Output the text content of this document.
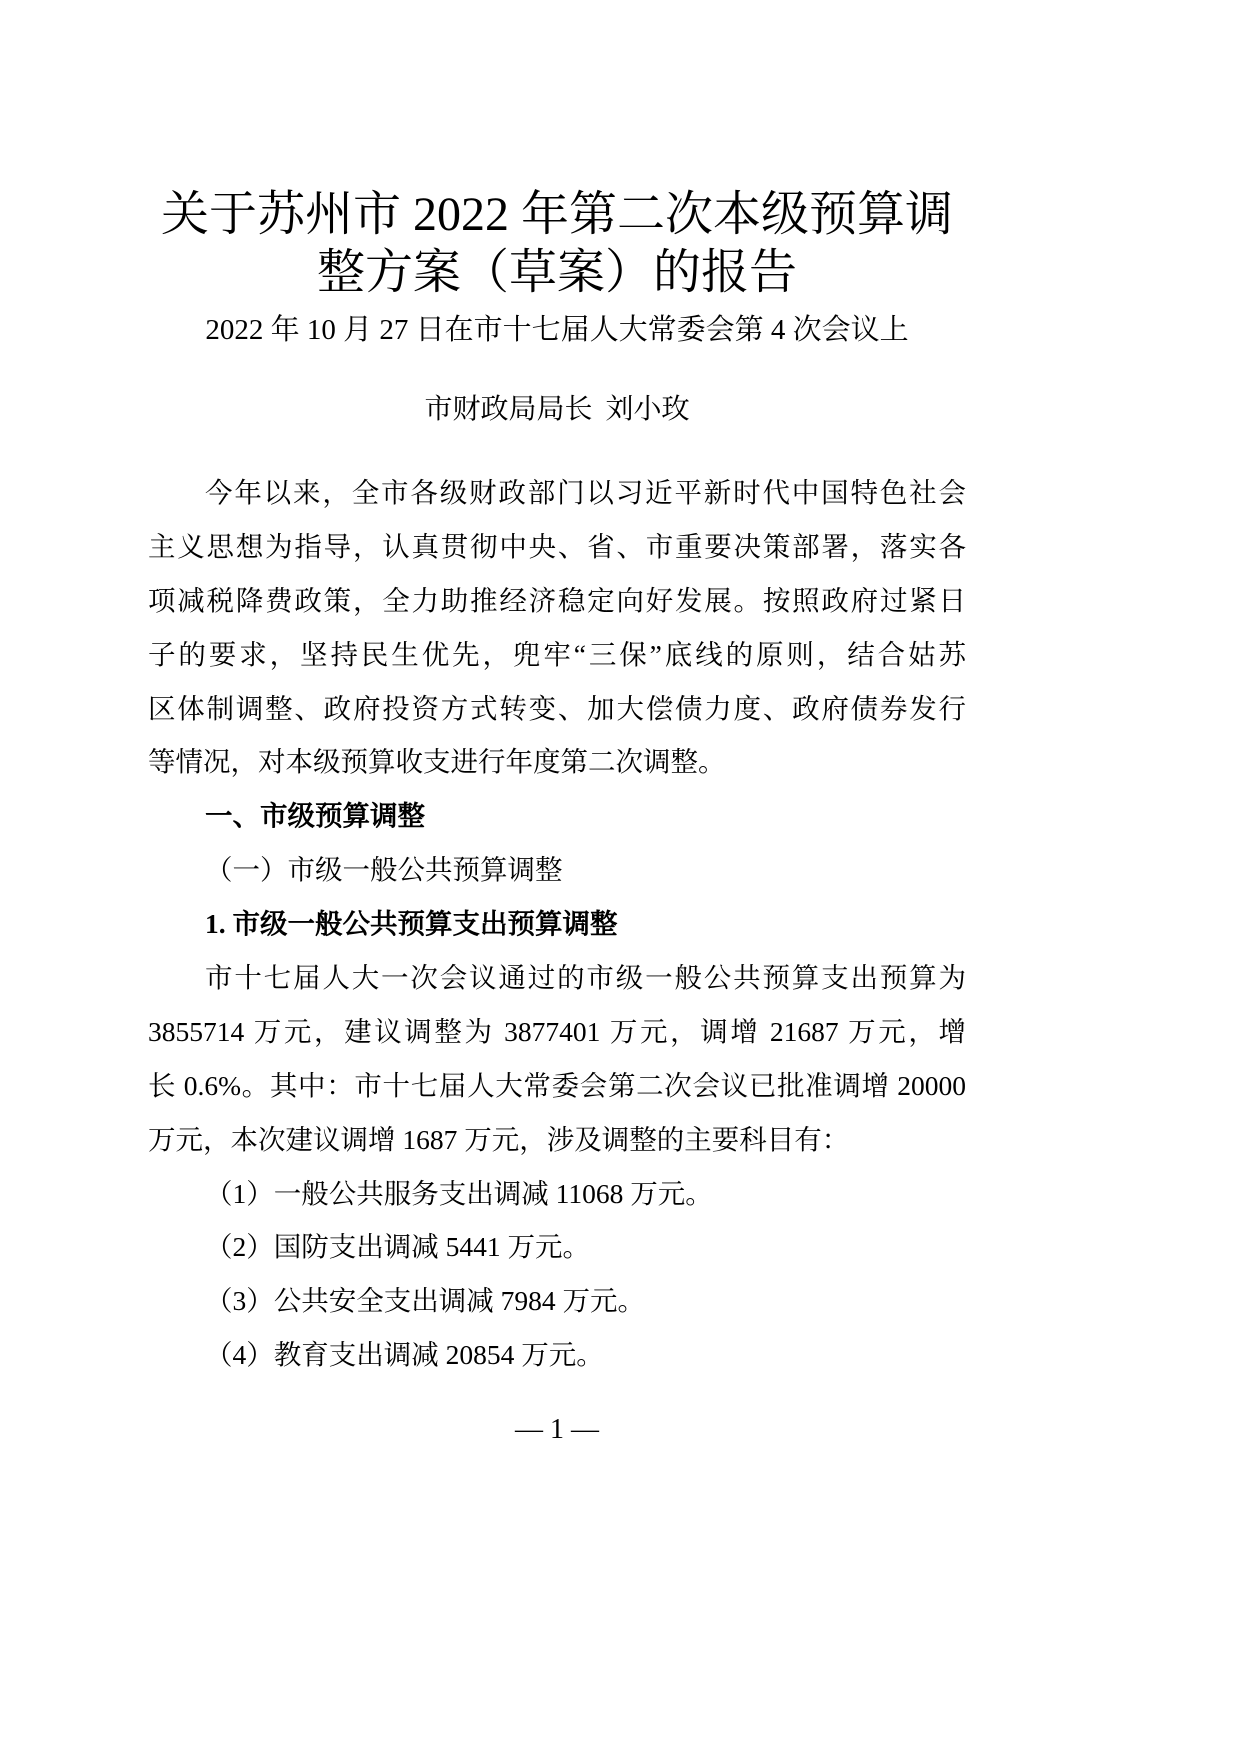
关于苏州市 2022 年第二次本级预算调
整方案（草案）的报告
2022 年 10 月 27 日在市十七届人大常委会第 4 次会议上
市财政局局长 刘小玫
今年以来，全市各级财政部门以习近平新时代中国特色社会
主义思想为指导，认真贯彻中央、省、市重要决策部署，落实各
项减税降费政策，全力助推经济稳定向好发展。按照政府过紧日
子的要求，坚持民生优先，兜牢“三保”底线的原则，结合姑苏
区体制调整、政府投资方式转变、加大偿债力度、政府债券发行
等情况，对本级预算收支进行年度第二次调整。
一、市级预算调整
（一）市级一般公共预算调整
1. 市级一般公共预算支出预算调整
市十七届人大一次会议通过的市级一般公共预算支出预算为
3855714 万元，建议调整为 3877401 万元，调增 21687 万元，增
长 0.6%。其中：市十七届人大常委会第二次会议已批准调增 20000
万元，本次建议调增 1687 万元，涉及调整的主要科目有：
（1）一般公共服务支出调减 11068 万元。
（2）国防支出调减 5441 万元。
（3）公共安全支出调减 7984 万元。
（4）教育支出调减 20854 万元。
— 1 —
